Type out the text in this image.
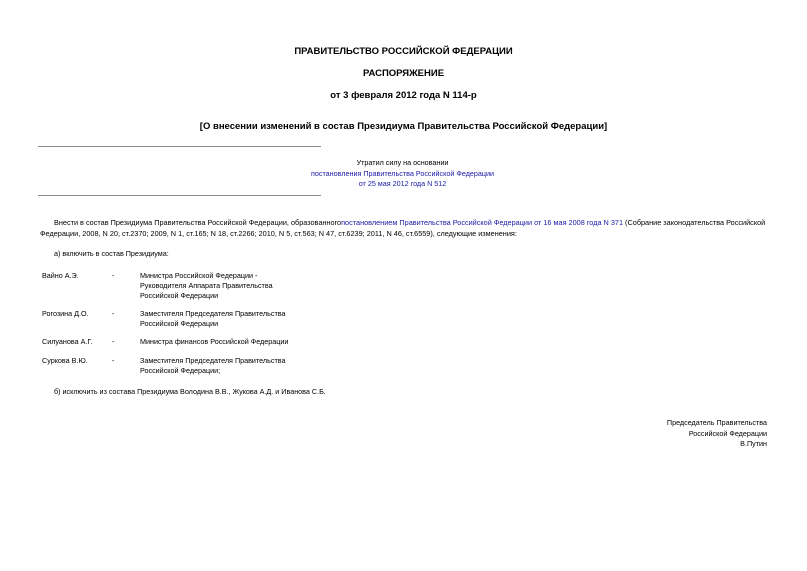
ПРАВИТЕЛЬСТВО РОССИЙСКОЙ ФЕДЕРАЦИИ
РАСПОРЯЖЕНИЕ
от 3 февраля 2012 года N 114-р
[О внесении изменений в состав Президиума Правительства Российской Федерации]
Утратил силу на основании
постановления Правительства Российской Федерации
от 25 мая 2012 года N 512
Внести в состав Президиума Правительства Российской Федерации, образованногопостановлением Правительства Российской Федерации от 16 мая 2008 года N 371 (Собрание законодательства Российской Федерации, 2008, N 20, ст.2370; 2009, N 1, ст.165; N 18, ст.2266; 2010, N 5, ст.563; N 47, ст.6239; 2011, N 46, ст.6559), следующие изменения:
а) включить в состав Президиума:
Вайно А.Э.	-	Министра Российской Федерации -
Руководителя Аппарата Правительства
Российской Федерации
Рогозина Д.О.	-	Заместителя Председателя Правительства
Российской Федерации
Силуанова А.Г.	-	Министра финансов Российской Федерации
Суркова В.Ю.	-	Заместителя Председателя Правительства
Российской Федерации;
б) исключить из состава Президиума Володина В.В., Жукова А.Д. и Иванова С.Б.
Председатель Правительства
Российской Федерации
В.Путин
